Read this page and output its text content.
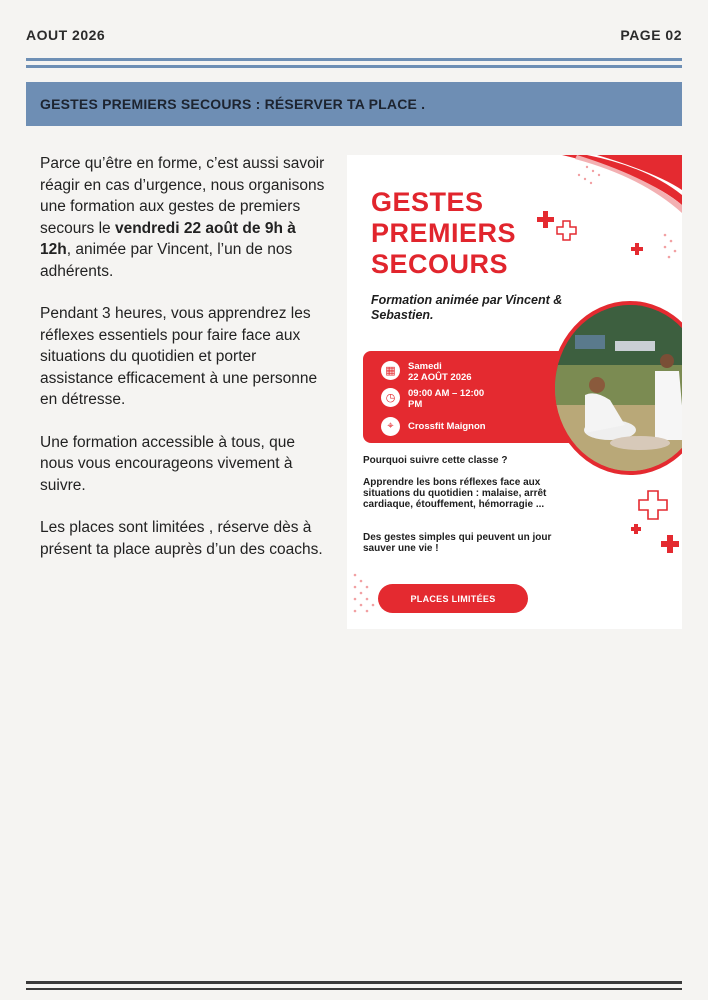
AOUT 2026	PAGE 02
GESTES PREMIERS SECOURS : RÉSERVER TA PLACE .

Parce qu’être en forme, c’est aussi savoir réagir en cas d’urgence, nous organisons une formation aux gestes de premiers secours le vendredi 22 août de 9h à 12h, animée par Vincent, l’un de nos adhérents.

Pendant 3 heures, vous apprendrez les réflexes essentiels pour faire face aux situations du quotidien et porter assistance efficacement à une personne en détresse.

Une formation accessible à tous, que nous vous encourageons vivement à suivre.

Les places sont limitées , réserve dès à présent ta place auprès d’un des coachs.

GESTES
PREMIERS
SECOURS
Formation animée par Vincent & Sebastien.
▦	Samedi
22 AOÛT 2026
◷	09:00 AM – 12:00
PM
⌖	Crossfit Maignon
Pourquoi suivre cette classe ?
Apprendre les bons réflexes face aux situations du quotidien : malaise, arrêt cardiaque, étouffement, hémorragie ...
Des gestes simples qui peuvent un jour sauver une vie !
PLACES LIMITÉES
